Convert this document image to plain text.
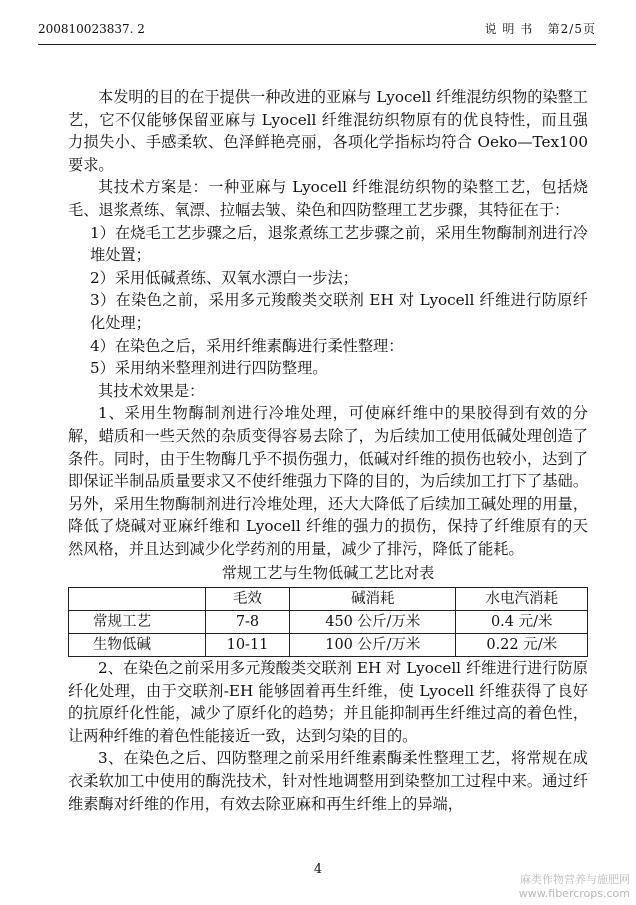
200810023837. 2	说 明 书 第2/5页

本发明的目的在于提供一种改进的亚麻与 Lyocell 纤维混纺织物的染整工艺，它不仅能够保留亚麻与 Lyocell 纤维混纺织物原有的优良特性，而且强力损失小、手感柔软、色泽鲜艳亮丽，各项化学指标均符合 Oeko—Tex100 要求。

其技术方案是：一种亚麻与 Lyocell 纤维混纺织物的染整工艺，包括烧毛、退浆煮练、氧漂、拉幅去皱、染色和四防整理工艺步骤，其特征在于：

1）在烧毛工艺步骤之后，退浆煮练工艺步骤之前，采用生物酶制剂进行冷堆处置；

2）采用低碱煮练、双氧水漂白一步法；

3）在染色之前，采用多元羧酸类交联剂 EH 对 Lyocell 纤维进行防原纤化处理；

4）在染色之后，采用纤维素酶进行柔性整理：

5）采用纳米整理剂进行四防整理。

其技术效果是：

1、采用生物酶制剂进行冷堆处理，可使麻纤维中的果胶得到有效的分解，蜡质和一些天然的杂质变得容易去除了，为后续加工使用低碱处理创造了条件。同时，由于生物酶几乎不损伤强力，低碱对纤维的损伤也较小，达到了即保证半制品质量要求又不使纤维强力下降的目的，为后续加工打下了基础。另外，采用生物酶制剂进行冷堆处理，还大大降低了后续加工碱处理的用量，降低了烧碱对亚麻纤维和 Lyocell 纤维的强力的损伤，保持了纤维原有的天然风格，并且达到减少化学药剂的用量，减少了排污，降低了能耗。

常规工艺与生物低碱工艺比对表
	毛效	碱消耗	水电汽消耗
常规工艺	7-8	450 公斤/万米	0.4 元/米
生物低碱	10-11	100 公斤/万米	0.22 元/米

2、在染色之前采用多元羧酸类交联剂 EH 对 Lyocell 纤维进行进行防原纤化处理，由于交联剂-EH 能够固着再生纤维，使 Lyocell 纤维获得了良好的抗原纤化性能，减少了原纤化的趋势；并且能抑制再生纤维过高的着色性，让两种纤维的着色性能接近一致，达到匀染的目的。

3、在染色之后、四防整理之前采用纤维素酶柔性整理工艺，将常规在成衣柔软加工中使用的酶洗技术，针对性地调整用到染整加工过程中来。通过纤维素酶对纤维的作用，有效去除亚麻和再生纤维上的异端，

4
麻类作物营养与施肥网
www.fibercrops.com
